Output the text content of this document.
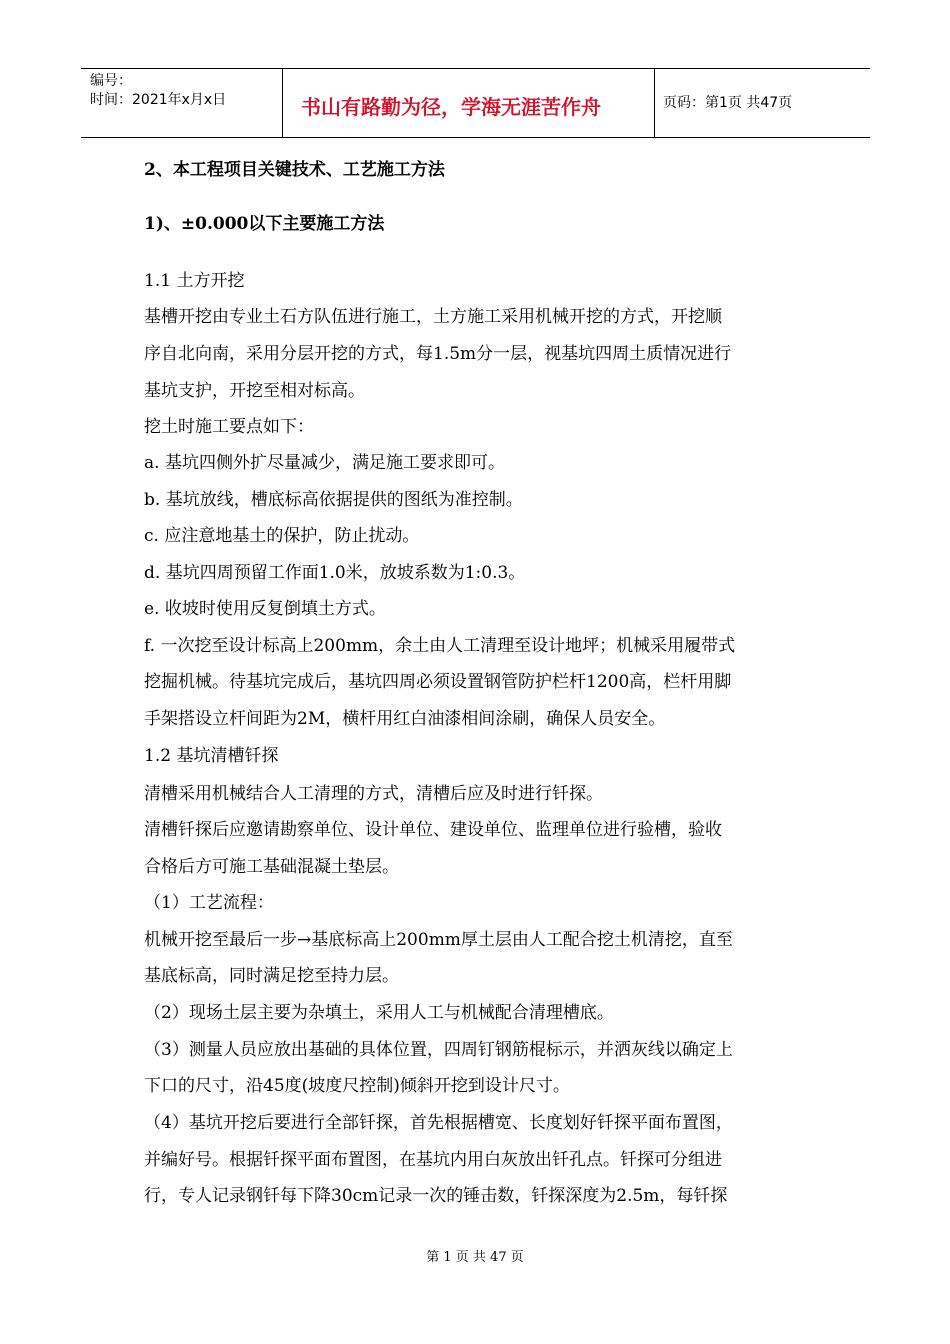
编号：
时间：2021年x月x日	书山有路勤为径，学海无涯苦作舟	页码：第1页 共47页

2、本工程项目关键技术、工艺施工方法

1)、±0.000以下主要施工方法

1.1 土方开挖

基槽开挖由专业土石方队伍进行施工，土方施工采用机械开挖的方式，开挖顺

序自北向南，采用分层开挖的方式，每1.5m分一层，视基坑四周土质情况进行

基坑支护，开挖至相对标高。

挖土时施工要点如下：

a. 基坑四侧外扩尽量减少，满足施工要求即可。

b. 基坑放线，槽底标高依据提供的图纸为准控制。

c. 应注意地基土的保护，防止扰动。

d. 基坑四周预留工作面1.0米，放坡系数为1:0.3。

e. 收坡时使用反复倒填土方式。

f. 一次挖至设计标高上200mm，余土由人工清理至设计地坪；机械采用履带式

挖掘机械。待基坑完成后，基坑四周必须设置钢管防护栏杆1200高，栏杆用脚

手架搭设立杆间距为2M，横杆用红白油漆相间涂刷，确保人员安全。

1.2 基坑清槽钎探

清槽采用机械结合人工清理的方式，清槽后应及时进行钎探。

清槽钎探后应邀请勘察单位、设计单位、建设单位、监理单位进行验槽，验收

合格后方可施工基础混凝土垫层。

（1）工艺流程：

机械开挖至最后一步→基底标高上200mm厚土层由人工配合挖土机清挖，直至

基底标高，同时满足挖至持力层。

（2）现场土层主要为杂填土，采用人工与机械配合清理槽底。

（3）测量人员应放出基础的具体位置，四周钉钢筋棍标示，并洒灰线以确定上

下口的尺寸，沿45度(坡度尺控制)倾斜开挖到设计尺寸。

（4）基坑开挖后要进行全部钎探，首先根据槽宽、长度划好钎探平面布置图，

并编好号。根据钎探平面布置图，在基坑内用白灰放出钎孔点。钎探可分组进

行，专人记录钢钎每下降30cm记录一次的锤击数，钎探深度为2.5m，每钎探

第 1 页 共 47 页
